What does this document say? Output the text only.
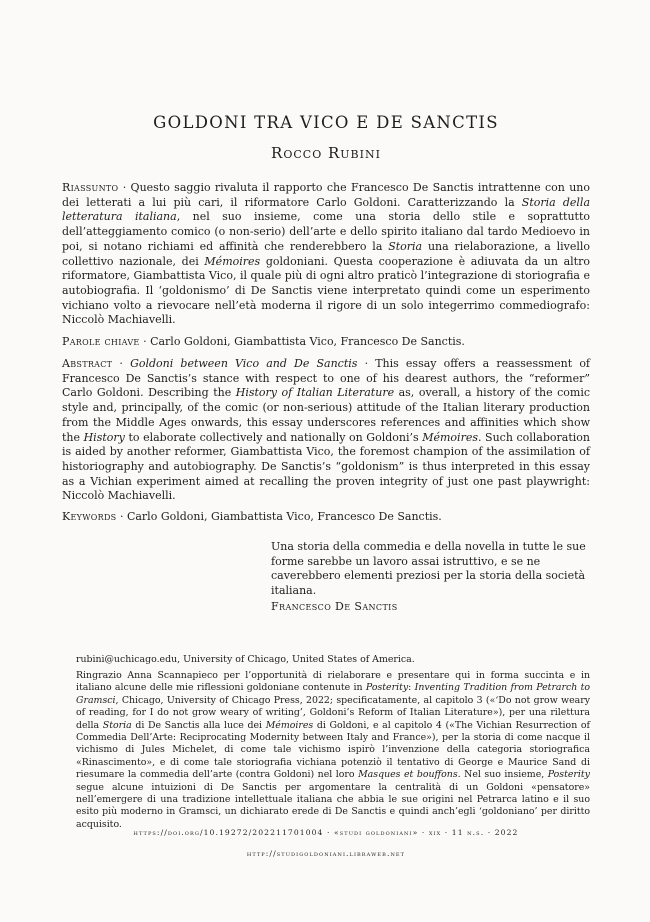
GOLDONI TRA VICO E DE SANCTIS
Rocco Rubini

Riassunto · Questo saggio rivaluta il rapporto che Francesco De Sanctis intrattenne con uno dei letterati a lui più cari, il riformatore Carlo Goldoni. Caratterizzando la Storia della letteratura italiana, nel suo insieme, come una storia dello stile e soprattutto dell’atteggiamento comico (o non-serio) dell’arte e dello spirito italiano dal tardo Medioevo in poi, si notano richiami ed affinità che renderebbero la Storia una rielaborazione, a livello collettivo nazionale, dei Mémoires goldoniani. Questa cooperazione è adiuvata da un altro riformatore, Giambattista Vico, il quale più di ogni altro praticò l’integrazione di storiografia e autobiografia. Il ‘goldonismo’ di De Sanctis viene interpretato quindi come un esperimento vichiano volto a rievocare nell’età moderna il rigore di un solo integerrimo commediografo: Niccolò Machiavelli.

Parole chiave · Carlo Goldoni, Giambattista Vico, Francesco De Sanctis.

Abstract · Goldoni between Vico and De Sanctis · This essay offers a reassessment of Francesco De Sanctis’s stance with respect to one of his dearest authors, the “reformer” Carlo Goldoni. Describing the History of Italian Literature as, overall, a history of the comic style and, principally, of the comic (or non-serious) attitude of the Italian literary production from the Middle Ages onwards, this essay underscores references and affinities which show the History to elaborate collectively and nationally on Goldoni’s Mémoires. Such collaboration is aided by another reformer, Giambattista Vico, the foremost champion of the assimilation of historiography and autobiography. De Sanctis’s “goldonism” is thus interpreted in this essay as a Vichian experiment aimed at recalling the proven integrity of just one past playwright: Niccolò Machiavelli.

Keywords · Carlo Goldoni, Giambattista Vico, Francesco De Sanctis.

Una storia della commedia e della novella in tutte le sue forme sarebbe un lavoro assai istruttivo, e se ne caverebbero elementi preziosi per la storia della società italiana.
Francesco De Sanctis

rubini@uchicago.edu, University of Chicago, United States of America.

Ringrazio Anna Scannapieco per l’opportunità di rielaborare e presentare qui in forma succinta e in italiano alcune delle mie riflessioni goldoniane contenute in Posterity: Inventing Tradition from Petrarch to Gramsci, Chicago, University of Chicago Press, 2022; specificatamente, al capitolo 3 («‘Do not grow weary of reading, for I do not grow weary of writing’, Goldoni’s Reform of Italian Literature»), per una rilettura della Storia di De Sanctis alla luce dei Mémoires di Goldoni, e al capitolo 4 («The Vichian Resurrection of Commedia Dell’Arte: Reciprocating Modernity between Italy and France»), per la storia di come nacque il vichismo di Jules Michelet, di come tale vichismo ispirò l’invenzione della categoria storiografica «Rinascimento», e di come tale storiografia vichiana potenziò il tentativo di George e Maurice Sand di riesumare la commedia dell’arte (contra Goldoni) nel loro Masques et bouffons. Nel suo insieme, Posterity segue alcune intuizioni di De Sanctis per argomentare la centralità di un Goldoni «pensatore» nell’emergere di una tradizione intellettuale italiana che abbia le sue origini nel Petrarca latino e il suo esito più moderno in Gramsci, un dichiarato erede di De Sanctis e quindi anch’egli ‘goldoniano’ per diritto acquisito.

https://doi.org/10.19272/202211701004 · «studi goldoniani» · xix · 11 n.s. · 2022
http://studigoldoniani.libraweb.net
